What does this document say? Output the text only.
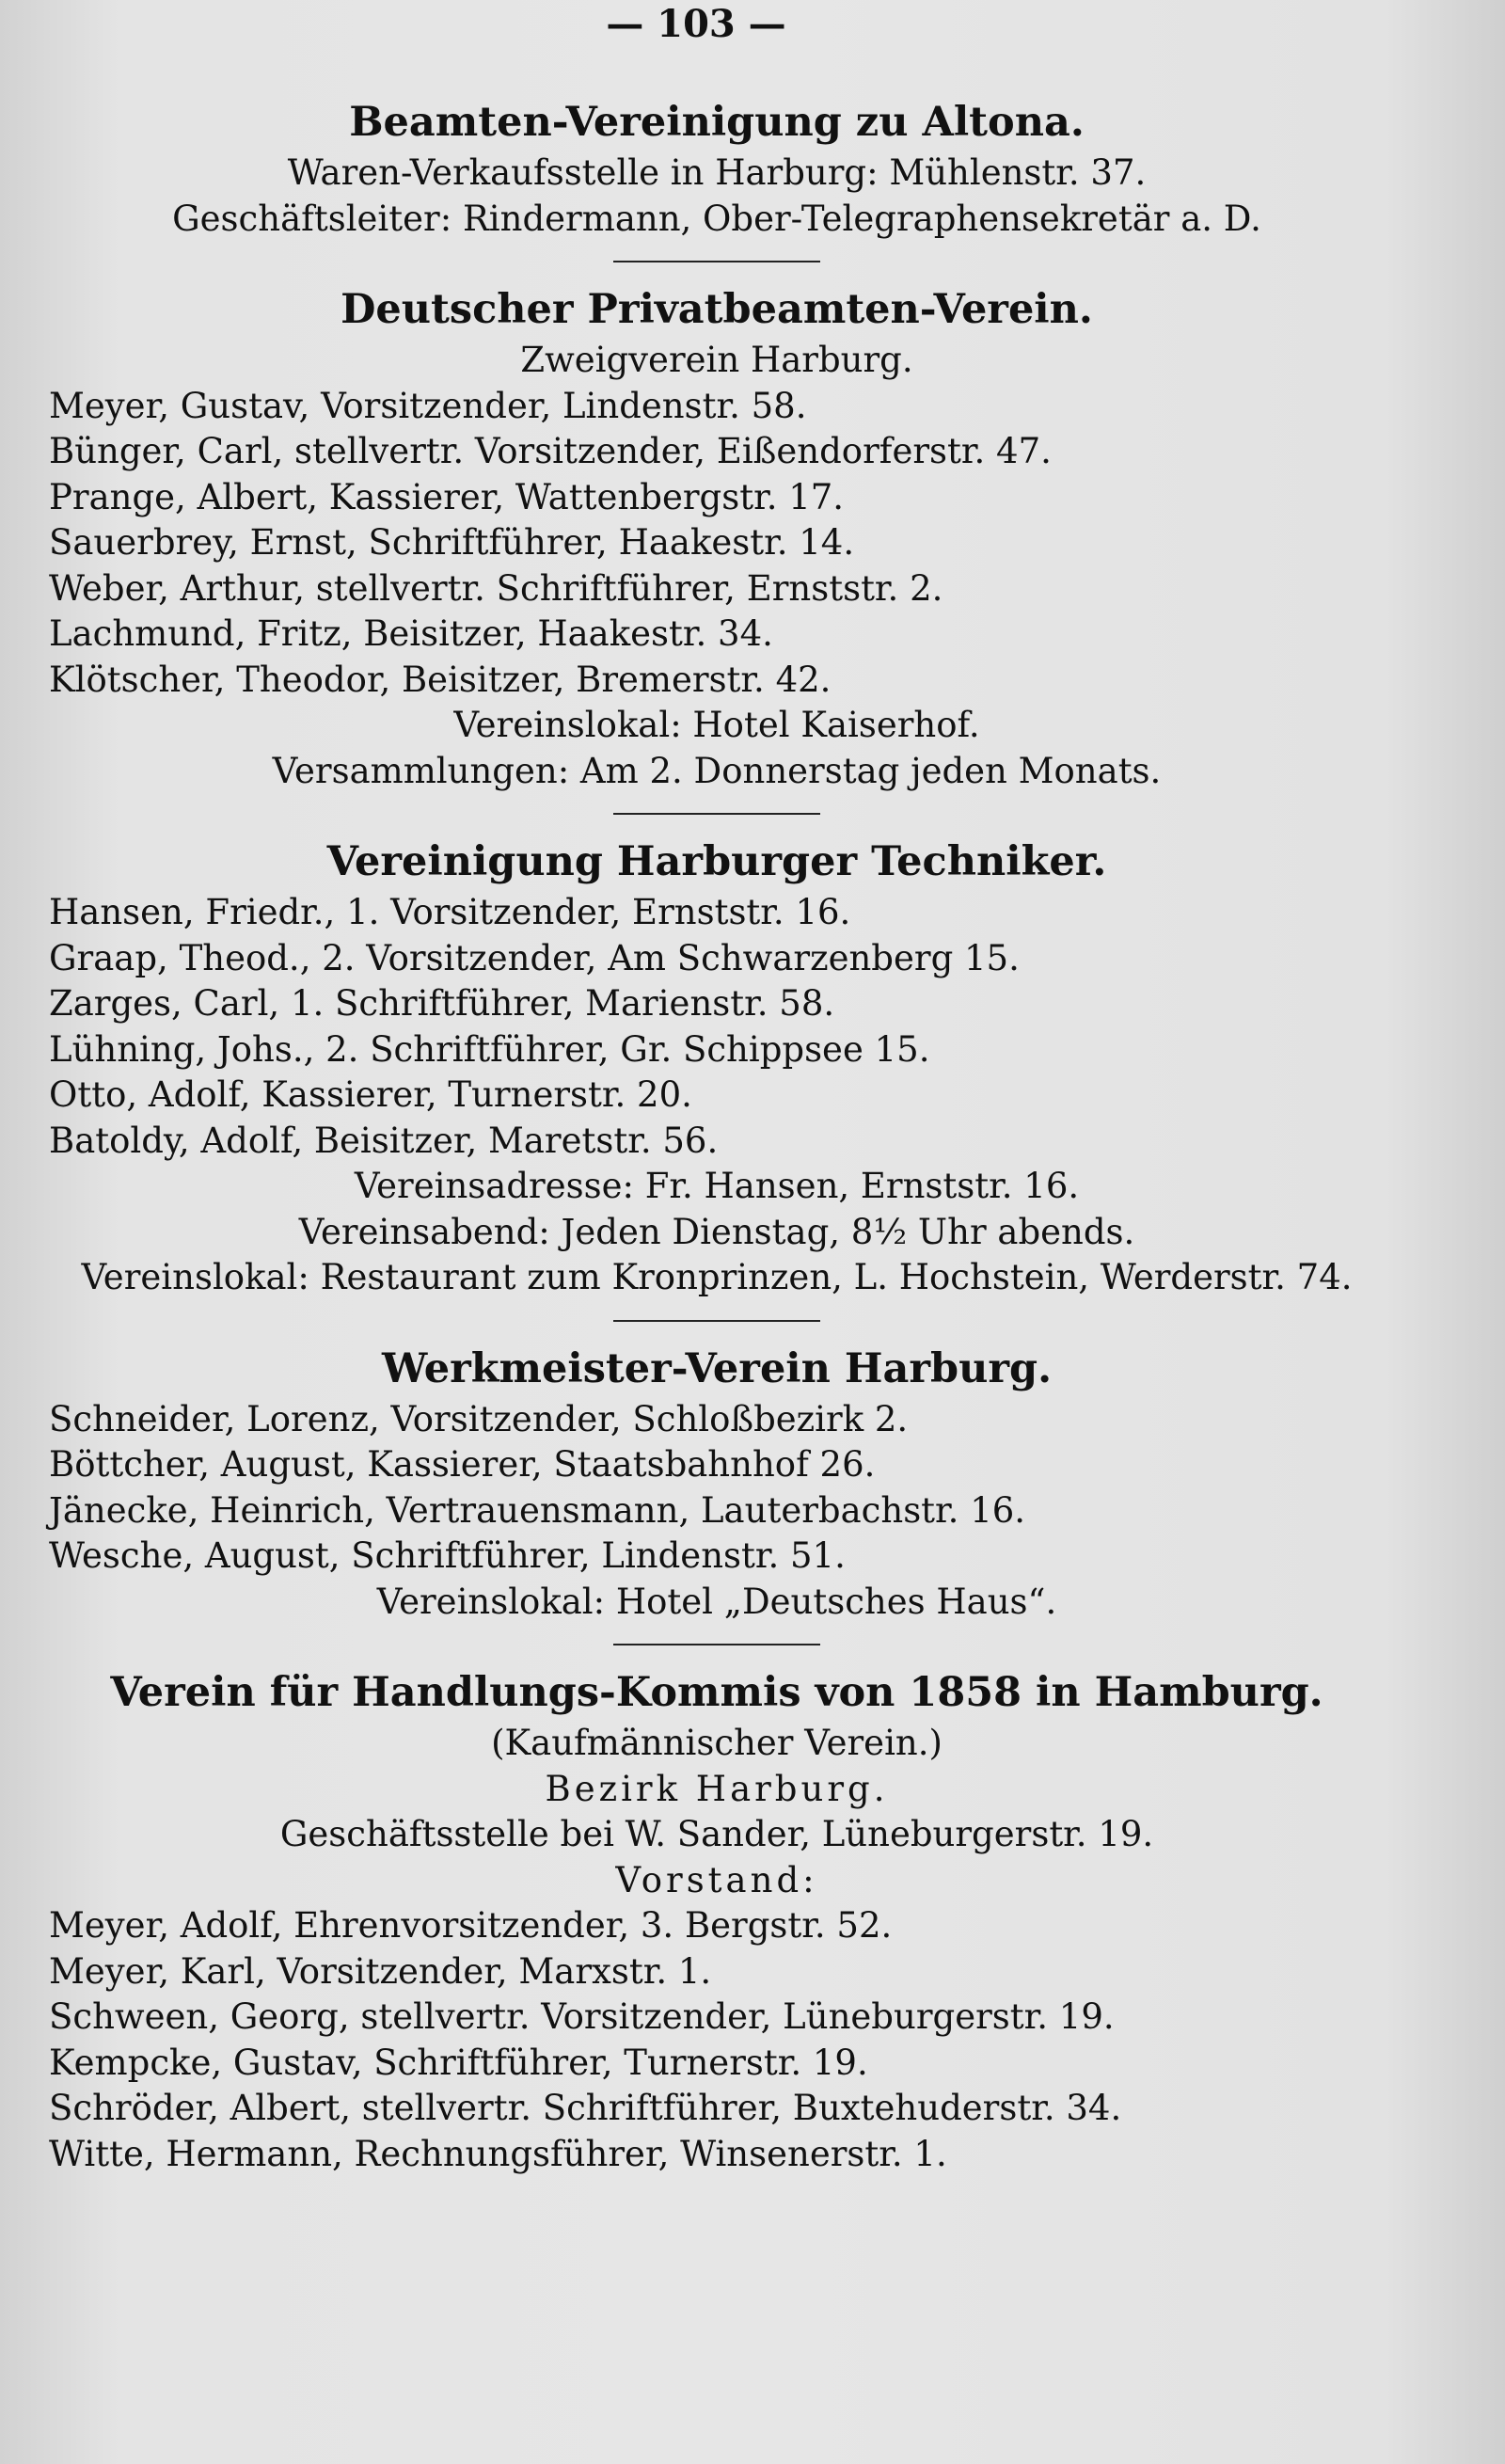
— 103 —
Beamten-Vereinigung zu Altona.
Waren-Verkaufsstelle in Harburg: Mühlenstr. 37.
Geschäftsleiter: Rindermann, Ober-Telegraphensekretär a. D.
Deutscher Privatbeamten-Verein.
Zweigverein Harburg.
Meyer, Gustav, Vorsitzender, Lindenstr. 58.
Bünger, Carl, stellvertr. Vorsitzender, Eißendorferstr. 47.
Prange, Albert, Kassierer, Wattenbergstr. 17.
Sauerbrey, Ernst, Schriftführer, Haakestr. 14.
Weber, Arthur, stellvertr. Schriftführer, Ernststr. 2.
Lachmund, Fritz, Beisitzer, Haakestr. 34.
Klötscher, Theodor, Beisitzer, Bremerstr. 42.
Vereinslokal: Hotel Kaiserhof.
Versammlungen: Am 2. Donnerstag jeden Monats.
Vereinigung Harburger Techniker.
Hansen, Friedr., 1. Vorsitzender, Ernststr. 16.
Graap, Theod., 2. Vorsitzender, Am Schwarzenberg 15.
Zarges, Carl, 1. Schriftführer, Marienstr. 58.
Lühning, Johs., 2. Schriftführer, Gr. Schippsee 15.
Otto, Adolf, Kassierer, Turnerstr. 20.
Batoldy, Adolf, Beisitzer, Maretstr. 56.
Vereinsadresse: Fr. Hansen, Ernststr. 16.
Vereinsabend: Jeden Dienstag, 8½ Uhr abends.
Vereinslokal: Restaurant zum Kronprinzen, L. Hochstein, Werderstr. 74.
Werkmeister-Verein Harburg.
Schneider, Lorenz, Vorsitzender, Schloßbezirk 2.
Böttcher, August, Kassierer, Staatsbahnhof 26.
Jänecke, Heinrich, Vertrauensmann, Lauterbachstr. 16.
Wesche, August, Schriftführer, Lindenstr. 51.
Vereinslokal: Hotel „Deutsches Haus“.
Verein für Handlungs-Kommis von 1858 in Hamburg.
(Kaufmännischer Verein.)
Bezirk Harburg.
Geschäftsstelle bei W. Sander, Lüneburgerstr. 19.
Vorstand:
Meyer, Adolf, Ehrenvorsitzender, 3. Bergstr. 52.
Meyer, Karl, Vorsitzender, Marxstr. 1.
Schween, Georg, stellvertr. Vorsitzender, Lüneburgerstr. 19.
Kempcke, Gustav, Schriftführer, Turnerstr. 19.
Schröder, Albert, stellvertr. Schriftführer, Buxtehuderstr. 34.
Witte, Hermann, Rechnungsführer, Winsenerstr. 1.
